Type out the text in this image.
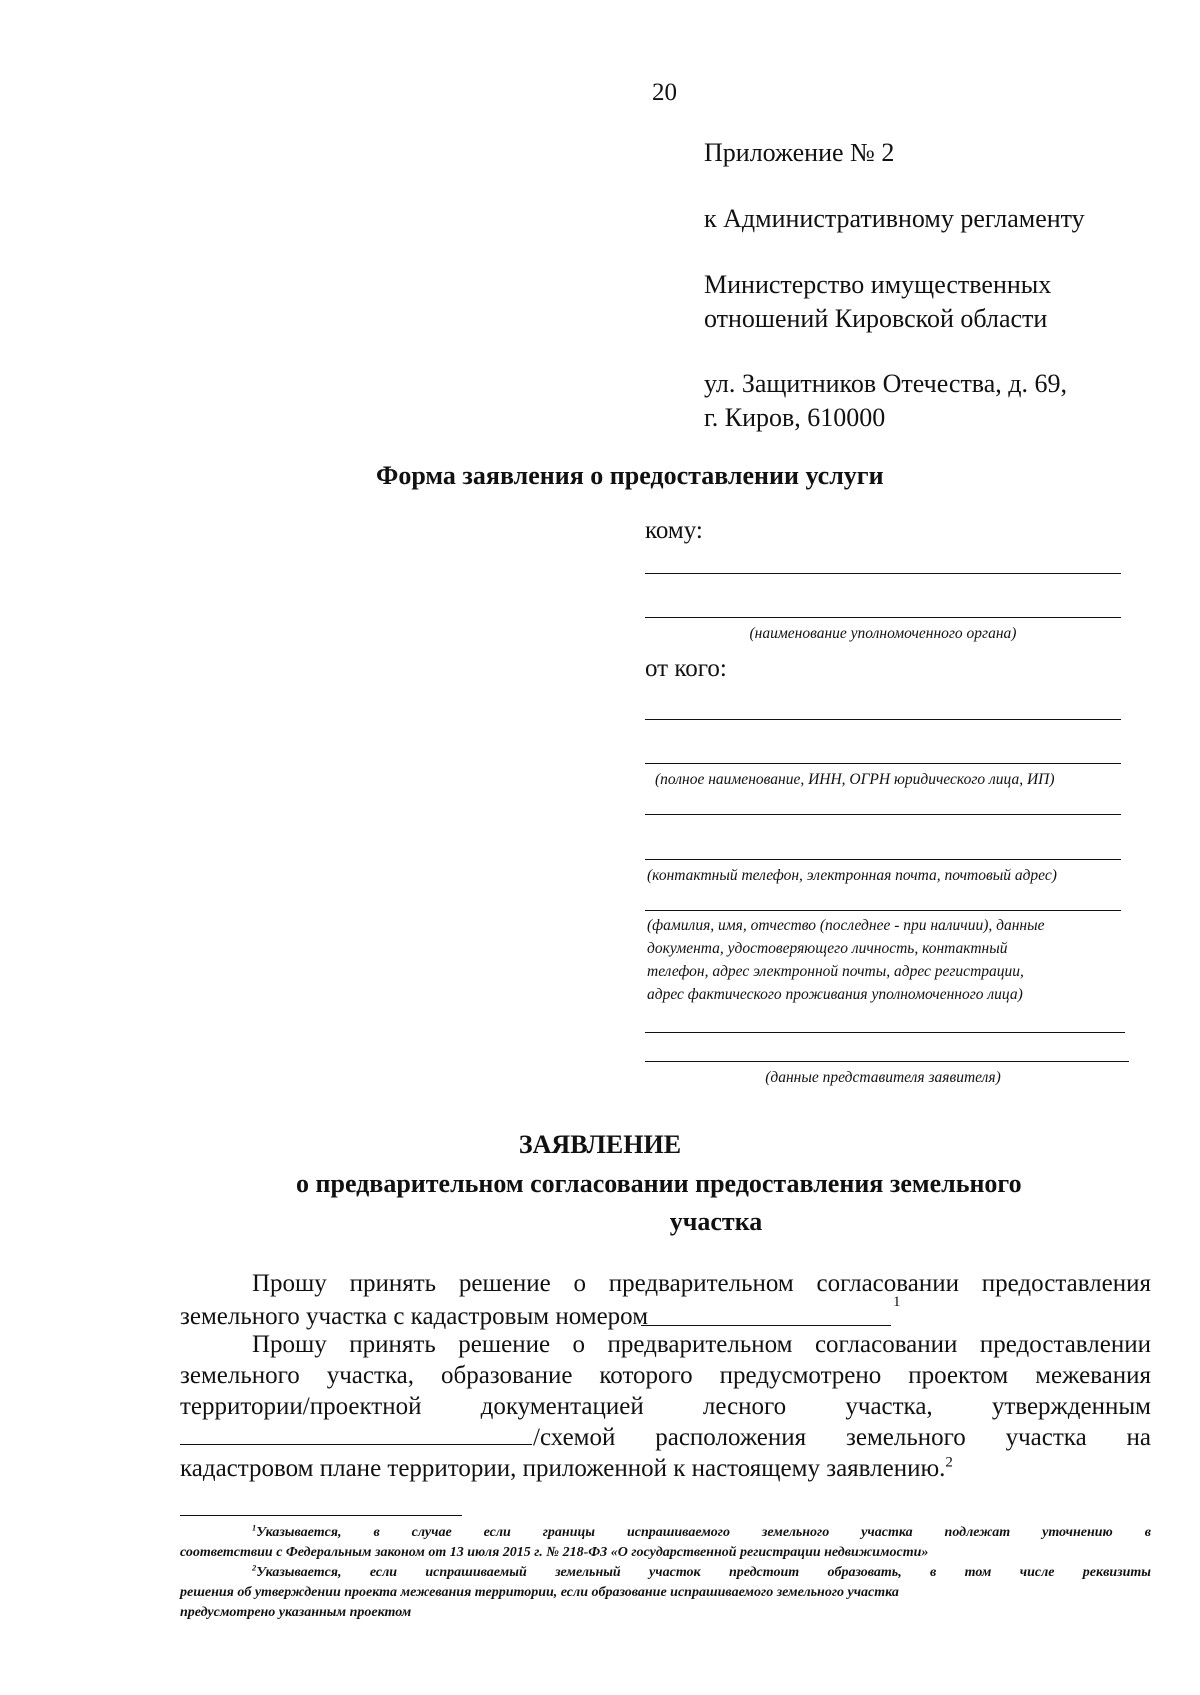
20
Приложение № 2
к Административному регламенту
Министерство имущественных
отношений Кировской области
ул. Защитников Отечества, д. 69,
г. Киров, 610000
Форма заявления о предоставлении услуги
кому:
(наименование уполномоченного органа)
от кого:
(полное наименование, ИНН, ОГРН юридического лица, ИП)
(контактный телефон, электронная почта, почтовый адрес)
(фамилия, имя, отчество (последнее - при наличии), данные
документа, удостоверяющего личность, контактный
телефон, адрес электронной почты, адрес регистрации,
адрес фактического проживания уполномоченного лица)
(данные представителя заявителя)
ЗАЯВЛЕНИЕ
о предварительном согласовании предоставления земельного
участка
Прошу принять решение о предварительном согласовании предоставления
земельного участка с кадастровым номером
1
Прошу принять решение о предварительном согласовании предоставлении
земельного участка, образование которого предусмотрено проектом межевания
территории/проектной документацией лесного участка, утвержденным
/схемой расположения земельного участка на
кадастровом плане территории, приложенной к настоящему заявлению.$^2$
$^1$Указывается, в случае если границы испрашиваемого земельного участка подлежат уточнению в
соответствии с Федеральным законом от 13 июля 2015 г. № 218-ФЗ «О государственной регистрации недвижимости»
$^2$Указывается, если испрашиваемый земельный участок предстоит образовать, в том числе реквизиты
решения об утверждении проекта межевания территории, если образование испрашиваемого земельного участка
предусмотрено указанным проектом
